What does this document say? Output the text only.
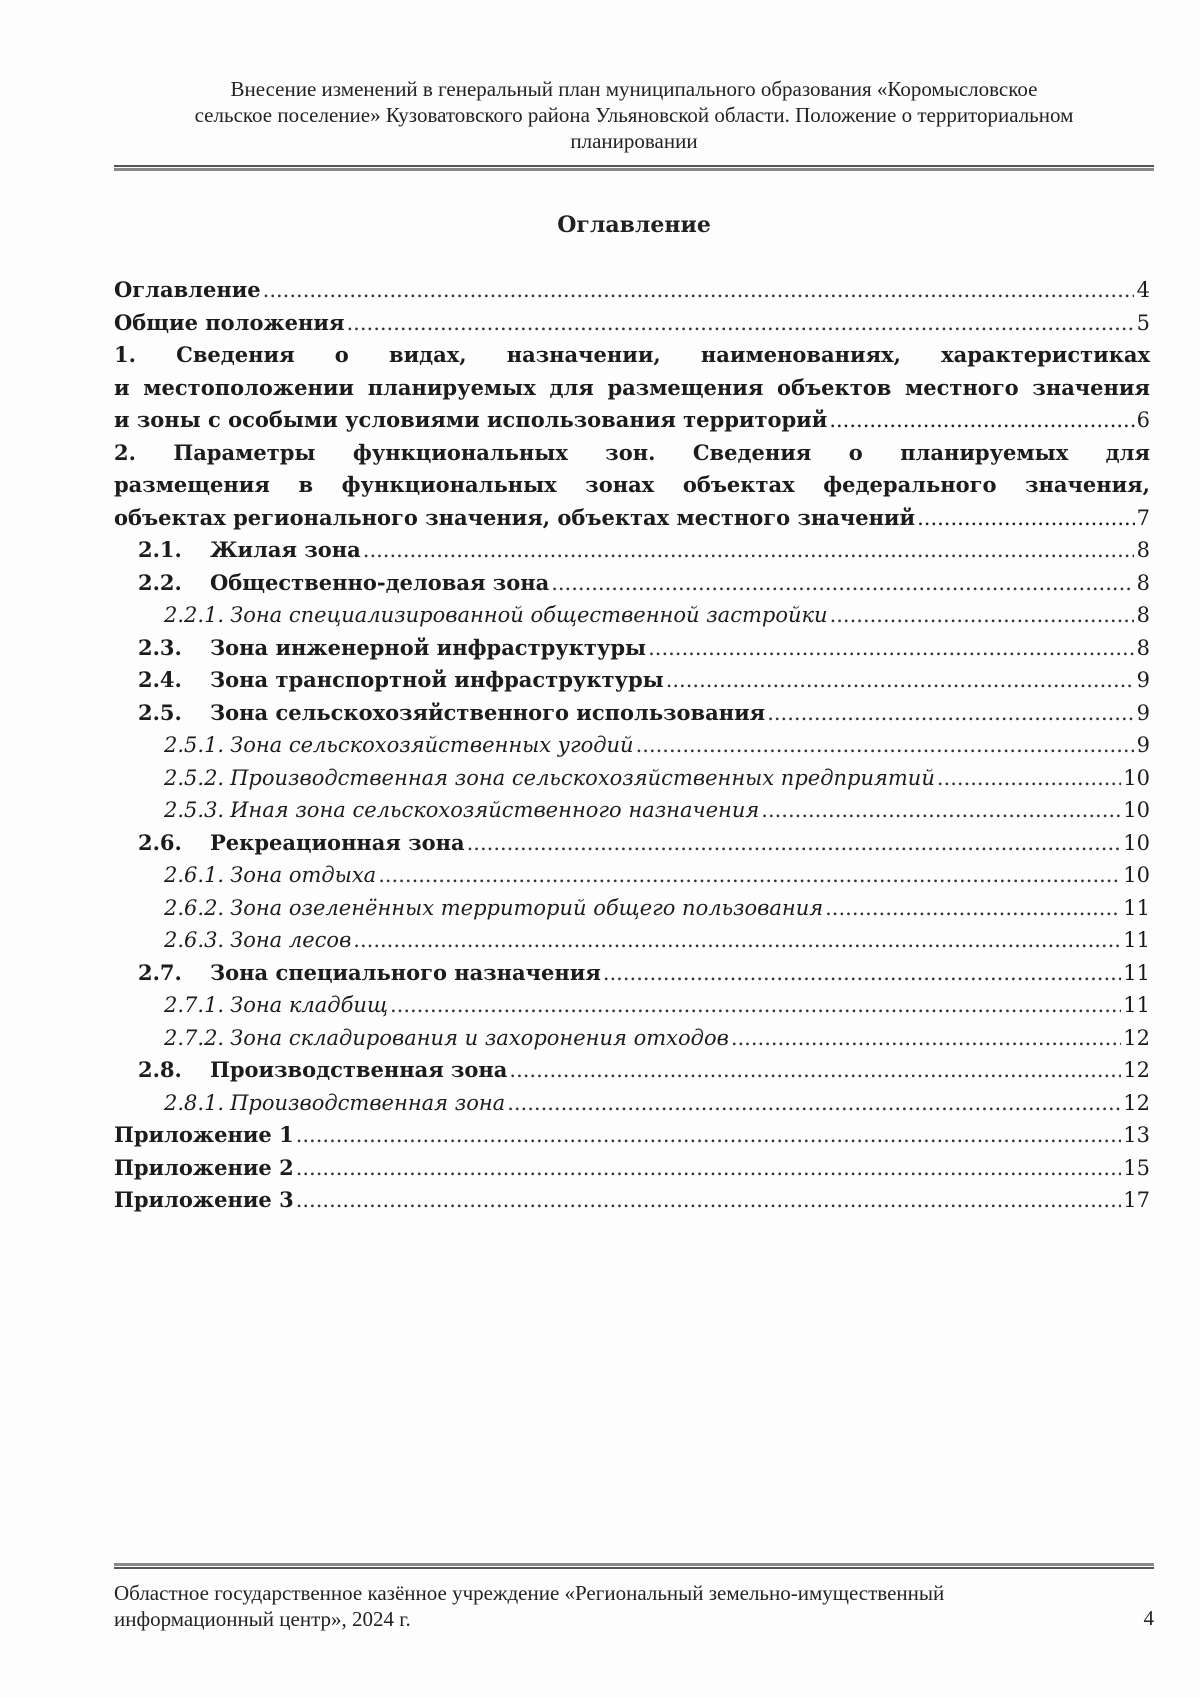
Внесение изменений в генеральный план муниципального образования «Коромысловское
сельское поселение» Кузоватовского района Ульяновской области. Положение о территориальном
планировании
Оглавление
Оглавление .....	4
Общие положения .....	5
1. Сведения о видах, назначении, наименованиях, характеристиках
и местоположении планируемых для размещения объектов местного значения
и зоны с особыми условиями использования территорий .....	6
2. Параметры функциональных зон. Сведения о планируемых для
размещения в функциональных зонах объектах федерального значения,
объектах регионального значения, объектах местного значений .....	7
2.1.	Жилая зона .....	8
2.2.	Общественно-деловая зона .....	8
2.2.1. Зона специализированной общественной застройки .....	8
2.3.	Зона инженерной инфраструктуры .....	8
2.4.	Зона транспортной инфраструктуры .....	9
2.5.	Зона сельскохозяйственного использования .....	9
2.5.1. Зона сельскохозяйственных угодий .....	9
2.5.2. Производственная зона сельскохозяйственных предприятий .....	10
2.5.3. Иная зона сельскохозяйственного назначения .....	10
2.6.	Рекреационная зона .....	10
2.6.1. Зона отдыха .....	10
2.6.2. Зона озеленённых территорий общего пользования .....	11
2.6.3. Зона лесов .....	11
2.7.	Зона специального назначения .....	11
2.7.1. Зона кладбищ .....	11
2.7.2. Зона складирования и захоронения отходов .....	12
2.8.	Производственная зона .....	12
2.8.1. Производственная зона .....	12
Приложение 1 .....	13
Приложение 2 .....	15
Приложение 3 .....	17
Областное государственное казённое учреждение «Региональный земельно-имущественный
информационный центр», 2024 г.	4
